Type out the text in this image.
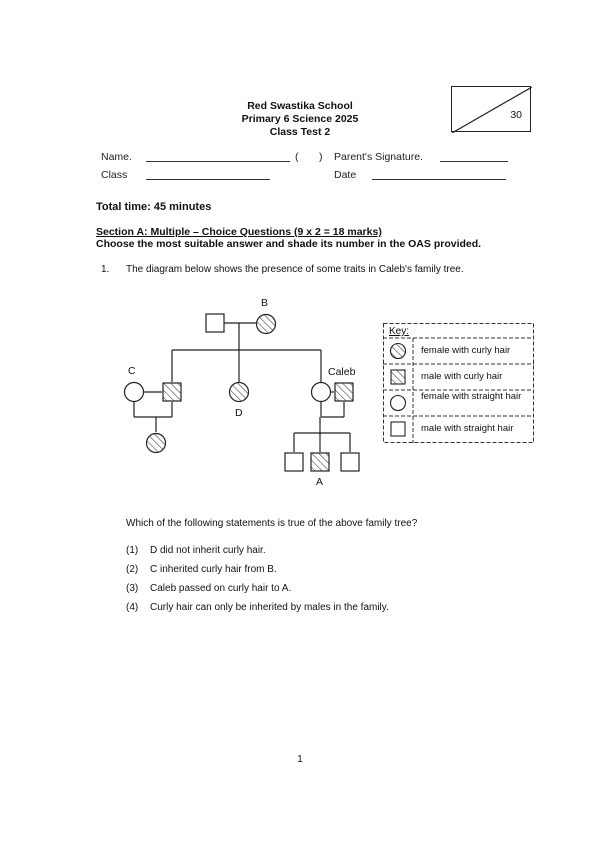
Red Swastika School
Primary 6 Science 2025
Class Test 2
30
Name.	( ) Parent's Signature.
Class	Date
Total time: 45 minutes
Section A: Multiple – Choice Questions (9 x 2 = 18 marks)
Choose the most suitable answer and shade its number in the OAS provided.
1. The diagram below shows the presence of some traits in Caleb's family tree.
B
C
D
Caleb
A
Key:
female with curly hair
male with curly hair
female with straight hair
male with straight hair
Which of the following statements is true of the above family tree?
(1) D did not inherit curly hair.
(2) C inherited curly hair from B.
(3) Caleb passed on curly hair to A.
(4) Curly hair can only be inherited by males in the family.
1
